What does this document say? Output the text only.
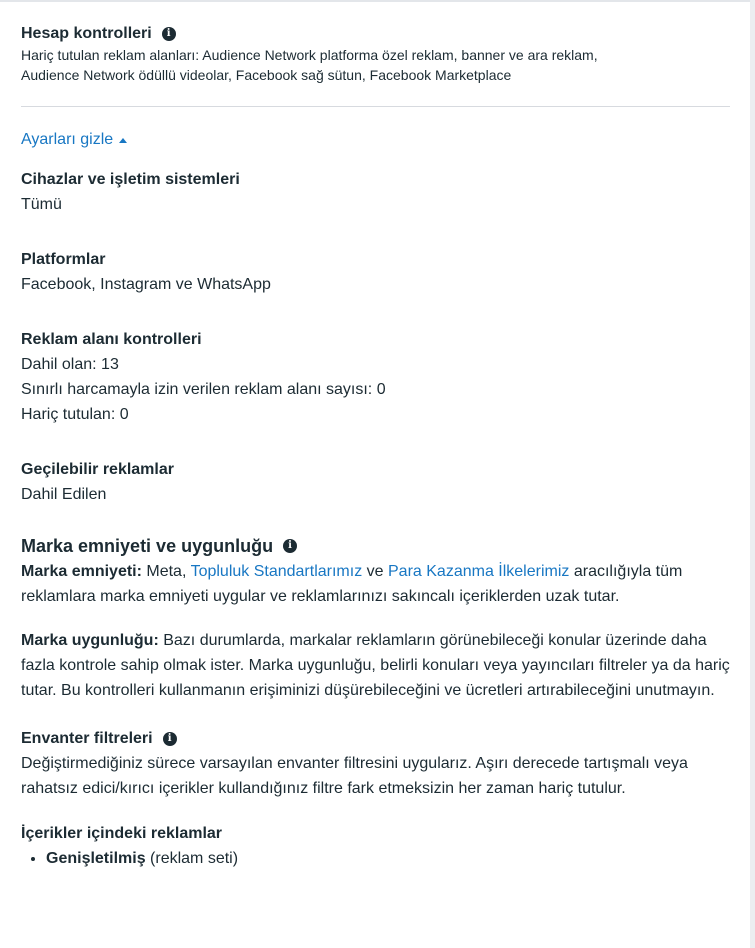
Hesap kontrolleri	i
Hariç tutulan reklam alanları: Audience Network platforma özel reklam, banner ve ara reklam, Audience Network ödüllü videolar, Facebook sağ sütun, Facebook Marketplace
Ayarları gizle
Cihazlar ve işletim sistemleri
Tümü
Platformlar
Facebook, Instagram ve WhatsApp
Reklam alanı kontrolleri
Dahil olan: 13
Sınırlı harcamayla izin verilen reklam alanı sayısı: 0
Hariç tutulan: 0
Geçilebilir reklamlar
Dahil Edilen
Marka emniyeti ve uygunluğu	i
Marka emniyeti: Meta, Topluluk Standartlarımız ve Para Kazanma İlkelerimiz aracılığıyla tüm reklamlara marka emniyeti uygular ve reklamlarınızı sakıncalı içeriklerden uzak tutar.
Marka uygunluğu: Bazı durumlarda, markalar reklamların görünebileceği konular üzerinde daha fazla kontrole sahip olmak ister. Marka uygunluğu, belirli konuları veya yayıncıları filtreler ya da hariç tutar. Bu kontrolleri kullanmanın erişiminizi düşürebileceğini ve ücretleri artırabileceğini unutmayın.
Envanter filtreleri	i
Değiştirmediğiniz sürece varsayılan envanter filtresini uygularız. Aşırı derecede tartışmalı veya rahatsız edici/kırıcı içerikler kullandığınız filtre fark etmeksizin her zaman hariç tutulur.
İçerikler içindeki reklamlar
• Genişletilmiş (reklam seti)
